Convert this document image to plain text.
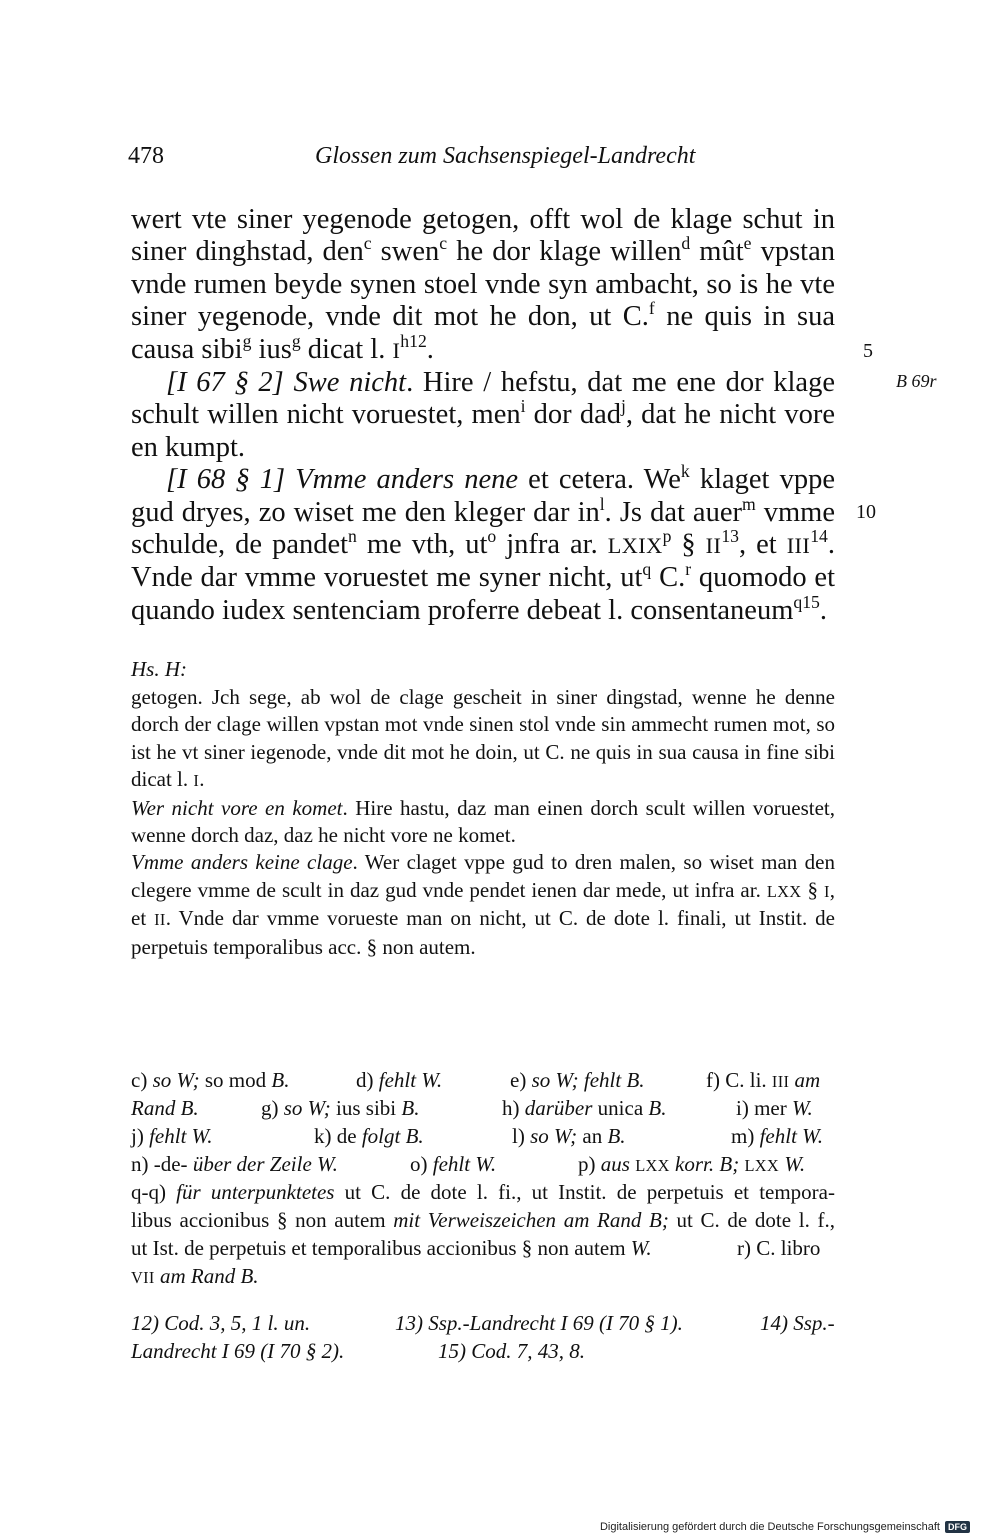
478	Glossen zum Sachsenspiegel-Landrecht

wert vte siner yegenode getogen, offt wol de klage schut in siner dinghstad, den$^c$ swen$^c$ he dor klage willen$^d$ mût$^e$ vpstan vnde rumen beyde synen stoel vnde syn ambacht, so is he vte siner yegenode, vnde dit mot he don, ut C.$^f$ ne quis in sua causa sibi$^g$ ius$^g$ dicat l. $I^{h12}$.

[I 67 § 2] Swe nicht. Hire / hefstu, dat me ene dor klage schult willen nicht voruestet, men$^i$ dor dad$^j$, dat he nicht vore en kumpt.

[I 68 § 1] Vmme anders nene et cetera. We$^k$ klaget vppe gud dryes, zo wiset me den kleger dar $in^l$. Js dat auer$^m$ vmme schulde, de pandet$^n$ me vth, $ut^o$ jnfra ar. LXIX$^p$ § II$^{13}$, et III$^{14}$. Vnde dar vmme voruestet me syner nicht, $ut^q$ C.$^r$ quomodo et quando iudex sentenciam proferre debeat l. consentaneum$^{q15}$.

5
B 69r
10
Hs. H:

getogen. Jch sege, ab wol de clage gescheit in siner dingstad, wenne he denne dorch der clage willen vpstan mot vnde sinen stol vnde sin ammecht rumen mot, so ist he vt siner iegenode, vnde dit mot he doin, ut C. ne quis in sua causa in fine sibi dicat l. I.

Wer nicht vore en komet. Hire hastu, daz man einen dorch scult willen voruestet, wenne dorch daz, daz he nicht vore ne komet.

Vmme anders keine clage. Wer claget vppe gud to dren malen, so wiset man den clegere vmme de scult in daz gud vnde pendet ienen dar mede, ut infra ar. LXX § I, et II. Vnde dar vmme vorueste man on nicht, ut C. de dote l. finali, ut Instit. de perpetuis temporalibus acc. § non autem.

c) so W; so mod B.	d) fehlt W.	e) so W; fehlt B.	f) C. li. III am
Rand B.	g) so W; ius sibi B.	h) darüber unica B.	i) mer W.
j) fehlt W.	k) de folgt B.	l) so W; an B.	m) fehlt W.
n) -de- über der Zeile W.	o) fehlt W.	p) aus LXX korr. B; LXX W.
q-q) für unterpunktetes ut C. de dote l. fi., ut Instit. de perpetuis et tempora-
libus accionibus § non autem mit Verweiszeichen am Rand B; ut C. de dote l. f.,
ut Ist. de perpetuis et temporalibus accionibus § non autem W.	r) C. libro
VII am Rand B.
12) Cod. 3, 5, 1 l. un.	13) Ssp.-Landrecht I 69 (I 70 § 1).	14) Ssp.-
Landrecht I 69 (I 70 § 2).	15) Cod. 7, 43, 8.
Digitalisierung gefördert durch die Deutsche Forschungsgemeinschaft DFG
